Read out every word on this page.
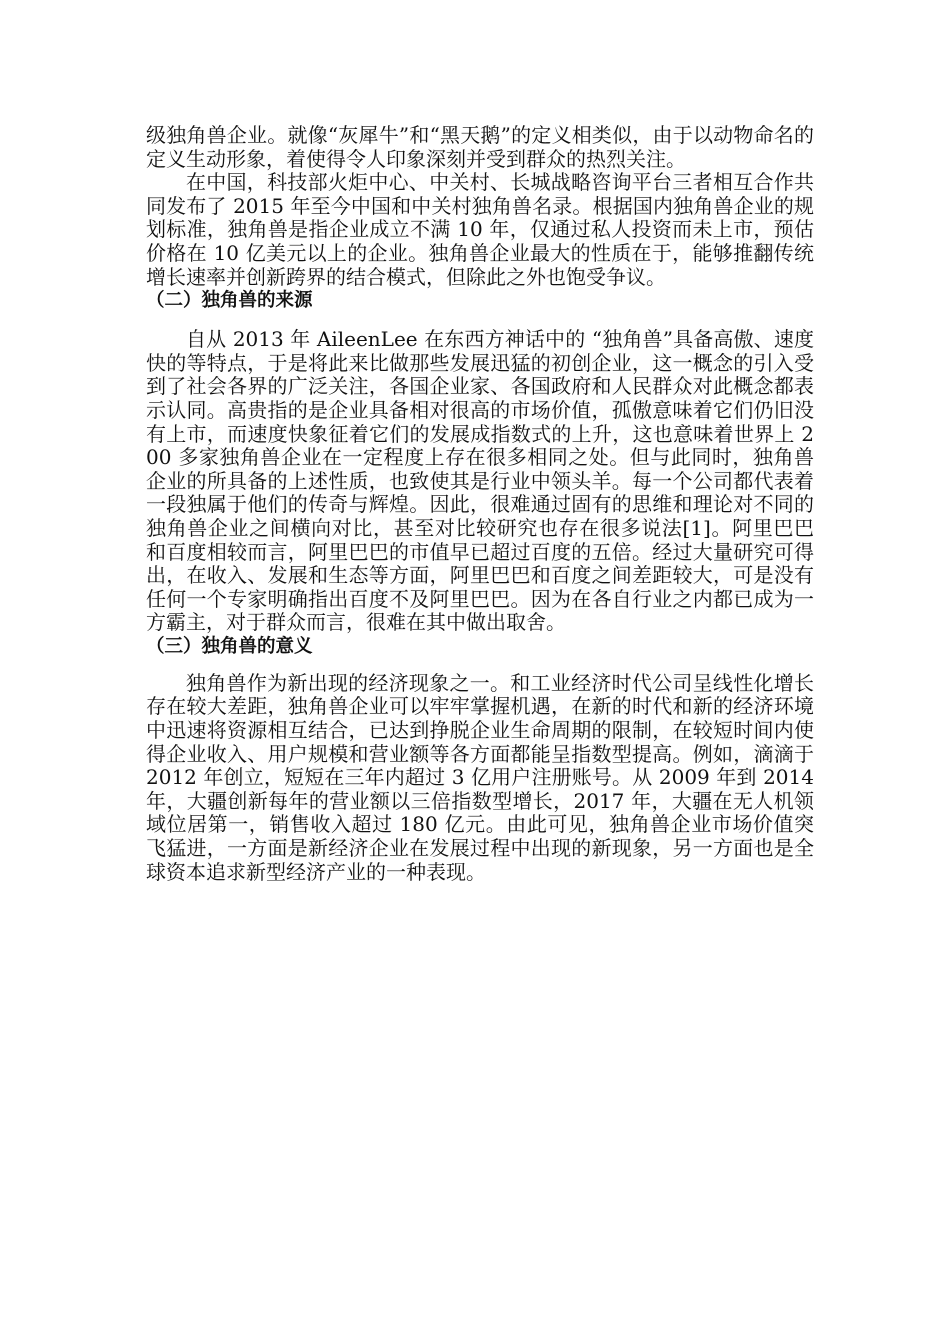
级独角兽企业。就像“灰犀牛”和“黑天鹅”的定义相类似，由于以动物命名的定义生动形象，着使得令人印象深刻并受到群众的热烈关注。

在中国，科技部火炬中心、中关村、长城战略咨询平台三者相互合作共同发布了 2015 年至今中国和中关村独角兽名录。根据国内独角兽企业的规划标准，独角兽是指企业成立不满 10 年，仅通过私人投资而未上市，预估价格在 10 亿美元以上的企业。独角兽企业最大的性质在于，能够推翻传统增长速率并创新跨界的结合模式，但除此之外也饱受争议。

（二）独角兽的来源

自从 2013 年 AileenLee 在东西方神话中的 “独角兽”具备高傲、速度快的等特点，于是将此来比做那些发展迅猛的初创企业，这一概念的引入受到了社会各界的广泛关注，各国企业家、各国政府和人民群众对此概念都表示认同。高贵指的是企业具备相对很高的市场价值，孤傲意味着它们仍旧没有上市，而速度快象征着它们的发展成指数式的上升，这也意味着世界上 200 多家独角兽企业在一定程度上存在很多相同之处。但与此同时，独角兽企业的所具备的上述性质，也致使其是行业中领头羊。每一个公司都代表着一段独属于他们的传奇与辉煌。因此，很难通过固有的思维和理论对不同的独角兽企业之间横向对比，甚至对比较研究也存在很多说法[1]。阿里巴巴和百度相较而言，阿里巴巴的市值早已超过百度的五倍。经过大量研究可得出，在收入、发展和生态等方面，阿里巴巴和百度之间差距较大，可是没有任何一个专家明确指出百度不及阿里巴巴。因为在各自行业之内都已成为一方霸主，对于群众而言，很难在其中做出取舍。

（三）独角兽的意义

独角兽作为新出现的经济现象之一。和工业经济时代公司呈线性化增长存在较大差距，独角兽企业可以牢牢掌握机遇，在新的时代和新的经济环境中迅速将资源相互结合，已达到挣脱企业生命周期的限制，在较短时间内使得企业收入、用户规模和营业额等各方面都能呈指数型提高。例如，滴滴于 2012 年创立，短短在三年内超过 3 亿用户注册账号。从 2009 年到 2014 年，大疆创新每年的营业额以三倍指数型增长，2017 年，大疆在无人机领域位居第一，销售收入超过 180 亿元。由此可见，独角兽企业市场价值突飞猛进，一方面是新经济企业在发展过程中出现的新现象，另一方面也是全球资本追求新型经济产业的一种表现。
